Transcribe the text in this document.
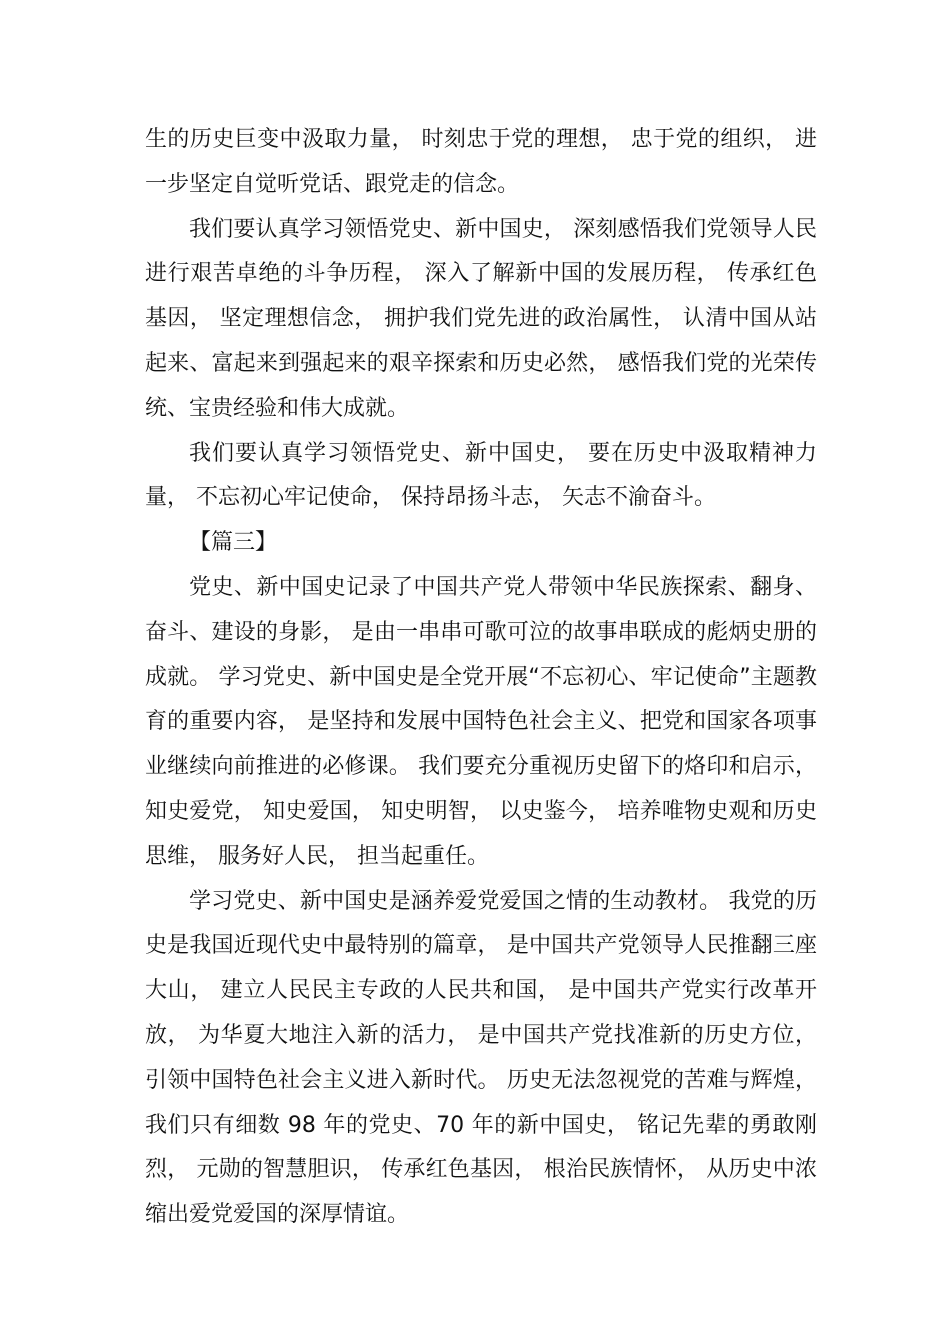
生的历史巨变中汲取力量， 时刻忠于党的理想， 忠于党的组织， 进一步坚定自觉听党话、跟党走的信念。

我们要认真学习领悟党史、新中国史， 深刻感悟我们党领导人民进行艰苦卓绝的斗争历程， 深入了解新中国的发展历程， 传承红色基因， 坚定理想信念， 拥护我们党先进的政治属性， 认清中国从站起来、富起来到强起来的艰辛探索和历史必然， 感悟我们党的光荣传统、宝贵经验和伟大成就。

我们要认真学习领悟党史、新中国史， 要在历史中汲取精神力量， 不忘初心牢记使命， 保持昂扬斗志， 矢志不渝奋斗。

【篇三】

党史、新中国史记录了中国共产党人带领中华民族探索、翻身、奋斗、建设的身影， 是由一串串可歌可泣的故事串联成的彪炳史册的成就。 学习党史、新中国史是全党开展“不忘初心、牢记使命”主题教育的重要内容， 是坚持和发展中国特色社会主义、把党和国家各项事业继续向前推进的必修课。 我们要充分重视历史留下的烙印和启示， 知史爱党， 知史爱国， 知史明智， 以史鉴今， 培养唯物史观和历史思维， 服务好人民， 担当起重任。

学习党史、新中国史是涵养爱党爱国之情的生动教材。 我党的历史是我国近现代史中最特别的篇章， 是中国共产党领导人民推翻三座大山， 建立人民民主专政的人民共和国， 是中国共产党实行改革开放， 为华夏大地注入新的活力， 是中国共产党找准新的历史方位， 引领中国特色社会主义进入新时代。 历史无法忽视党的苦难与辉煌， 我们只有细数 98 年的党史、70 年的新中国史， 铭记先辈的勇敢刚烈， 元勋的智慧胆识， 传承红色基因， 根治民族情怀， 从历史中浓缩出爱党爱国的深厚情谊。
